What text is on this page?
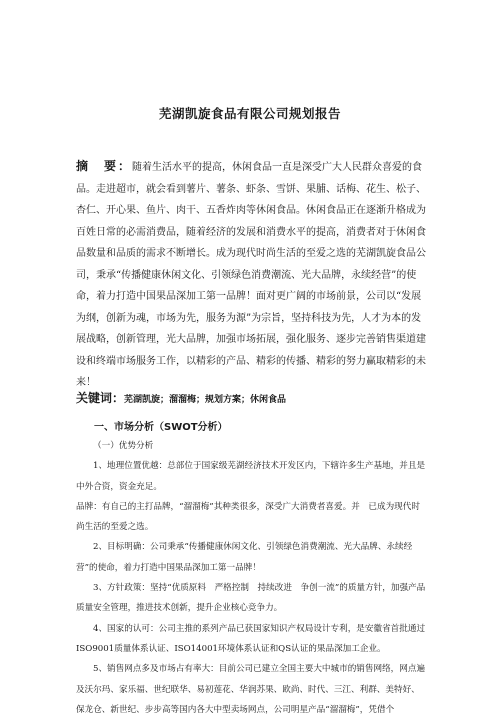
芜湖凯旋食品有限公司规划报告

摘　要：随着生活水平的提高，休闲食品一直是深受广大人民群众喜爱的食品。走进超市，就会看到薯片、薯条、虾条、雪饼、果脯、话梅、花生、松子、杏仁、开心果、鱼片、肉干、五香炸肉等休闲食品。休闲食品正在逐渐升格成为百姓日常的必需消费品，随着经济的发展和消费水平的提高，消费者对于休闲食品数量和品质的需求不断增长。成为现代时尚生活的至爱之选的芜湖凯旋食品公司，秉承“传播健康休闲文化、引领绿色消费潮流、光大品牌，永续经营”的使命，着力打造中国果品深加工第一品牌！面对更广阔的市场前景，公司以“发展为纲，创新为魂，市场为先，服务为源”为宗旨，坚持科技为先，人才为本的发展战略，创新管理，光大品牌，加强市场拓展，强化服务、逐步完善销售渠道建设和终端市场服务工作，以精彩的产品、精彩的传播、精彩的努力赢取精彩的未来！

关键词：芜湖凯旋；溜溜梅；规划方案；休闲食品

一、市场分析（SWOT分析）

（一）优势分析

1、地理位置优越：总部位于国家级芜湖经济技术开发区内，下辖许多生产基地，并且是中外合资，资金充足。

品牌：有自己的主打品牌，“溜溜梅”其种类很多，深受广大消费者喜爱。并　已成为现代时尚生活的至爱之选。

2、目标明确：公司秉承“传播健康休闲文化、引领绿色消费潮流、光大品牌、永续经营”的使命，着力打造中国果品深加工第一品牌！

3、方针政策：坚持“优质原料　严格控制　持续改进　争创一流”的质量方针，加强产品质量安全管理，推进技术创新，提升企业核心竞争力。

4、国家的认可：公司主推的系列产品已获国家知识产权局设计专利，是安徽省首批通过ISO9001质量体系认证、ISO14001环境体系认证和QS认证的果品深加工企业。

5、销售网点多及市场占有率大：目前公司已建立全国主要大中城市的销售网络，网点遍及沃尔玛、家乐福、世纪联华、易初莲花、华润苏果、欧尚、时代、三江、利群、美特好、保龙仓、新世纪、步步高等国内各大中型卖场网点，公司明星产品“溜溜梅”，凭借个
